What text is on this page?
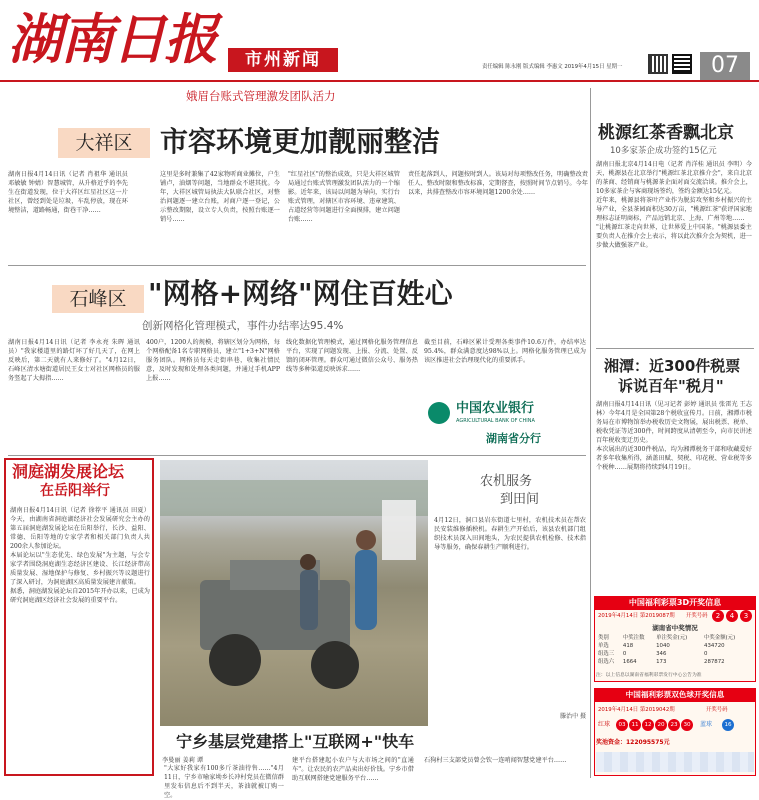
湖南日报	市州新闻	责任编辑 陈永刚 版式编辑 李惠文 2019年4月15日 星期一	07
娥眉台账式管理激发团队活力
大祥区 市容环境更加靓丽整洁
湖南日报4月14日讯（记者 肖祖华 通讯员 邓敏敏 钟婧）智慧城管，从升格近乎的李先生在街道发现，位于大祥区红星社区这一片社区，曾经到处是垃圾，车乱停放，现在环境整洁，道路畅通，街巷干净……
这里是多时兼集了42家物听商业摊位，户生铺卢，油烟等问题，当地群众不堪其扰。今年，大祥区城管局执法大队联合社区，对整治问题逐一建立台账，对商户逐一登记，公示整改期限，设立专人负责，按照台账逐一销号……
"红星社区"的整治成效，只是大祥区城管局通过台账式管理激发团队活力的一个缩影。近年来，该局以问题为导向，实行台账式管理，对辖区市容环境、违章建筑、占道经营等问题进行全面摸排，建立问题台账……
责任起落到人，问题按时到人。该局对每项整改任务，明确整改责任人、整改时限和整改标准，定期督查，按照时间节点销号。今年以来，共排查整改市容环境问题1200余处……
石峰区 "网格+网络"网住百姓心
创新网格化管理模式，事件办结率达95.4%
湖南日报4月14日讯（记者 李永亮 朱晖 通讯员）"我家楼道里的路灯坏了好几天了，在网上反映后，第二天就有人来修好了。"4月12日，石峰区清水塘街道居民王女士对社区网格员的服务竖起了大拇指……
400户，1200人的规模，将辖区划分为网格，每个网格配备1名专职网格员，建立"1+3+N"网格服务团队。网格员每天走街串巷，收集社情民意，及时发现和处理各类问题，并通过手机APP上报……
线化数据化管理模式，通过网格化服务管理信息平台，实现了问题发现、上报、分流、处置、反馈的闭环管理。群众可通过微信公众号、服务热线等多种渠道反映诉求……
截至目前，石峰区累计受理各类事件10.6万件，办结率达95.4%，群众满意度达98%以上。网格化服务管理已成为该区推进社会治理现代化的重要抓手。
中国农业银行
AGRICULTURAL BANK OF CHINA
湖南省分行
桃源红茶香飘北京
10多家茶企成功签约15亿元
湖南日报北京4月14日电（记者 肖洋桂 通讯员 李明）今天，桃源县在北京举行"桃源红茶北京推介会"，来自北京的茶商、经销商与桃源茶企面对面交流洽谈。推介会上，10多家茶企与客商现场签约，签约金额达15亿元。
近年来，桃源县将茶叶产业作为脱贫攻坚和乡村振兴的主导产业，全县茶园面积达30万亩，"桃源红茶"获评国家地理标志证明商标，产品远销北京、上海、广州等地……
"让桃源红茶走向世界，让世界爱上中国茶。"桃源县委主要负责人在推介会上表示，将以此次推介会为契机，进一步做大做强茶产业。
湘潭：近300件税票
诉说百年"税月"
湖南日报4月14日讯（见习记者 彭婷 通讯员 张雷光 王志林）今年4月是全国第28个税收宣传月。日前，湘潭市税务局在市博物馆举办税收历史文物展，展出税票、税单、税收凭证等近300件，时间跨度从清朝至今，向市民讲述百年税收变迁历史。
本次展出的近300件税品，均为湘潭税务干部和收藏爱好者多年收集所得，涵盖田赋、契税、印花税、营业税等多个税种……展期将持续到4月19日。
中国福利彩票3D开奖信息
2019年4月14日 第2019087期	开奖号码	2	4	3
湖南省中奖情况
类别	中奖注数	单注奖金(元)	中奖金额(元)
单选	418	1040	434720
组选三	0	346	0
组选六	1664	173	287872
注：以上信息以湖南省福利彩票发行中心公告为准
中国福利彩票双色球开奖信息
2019年4月14日 第2019042期	开奖号码
红球	03	11	12	20	23	30	蓝球	16
奖池资金：122095575元
洞庭湖发展论坛
在岳阳举行
湖南日报4月14日讯（记者 徐荐平 通讯员 田夏）今天，由湖南省洞庭湖经济社会发展研究会主办的第五届洞庭湖发展论坛在岳阳举行，长沙、益阳、常德、岳阳等地的专家学者和相关部门负责人共200余人参加论坛。
本届论坛以"生态优先、绿色发展"为主题，与会专家学者围绕洞庭湖生态经济区建设、长江经济带高质量发展、湿地保护与修复、乡村振兴等议题进行了深入研讨，为洞庭湖区高质量发展建言献策。
据悉，洞庭湖发展论坛自2015年开办以来，已成为研究洞庭湖区经济社会发展的重要平台。
农机服务
到田间
4月12日，洞口县岩东街道七里村，农机技术员在帮农民安装维修插秧机。春耕生产开始后，该县农机部门组织技术员深入田间地头，为农民提供农机检修、技术指导等服务，确保春耕生产顺利进行。
滕治中 摄
宁乡基层党建搭上"互联网+"快车
李曼丽 姜莉 谭
"大家好我家有100多斤茶油待售……"4月11日，宁乡市喻家坳乡长冲村党员在微信群里发布信息后不到半天，茶油就被订购一空。
建平台搭建起小农户与大市场之间的"直通车"。让农民的农产品卖出好价钱。宁乡市借助互联网搭建党建服务平台……
石狗村三支部党员曾会钦一连哨闻智慧党建平台……
